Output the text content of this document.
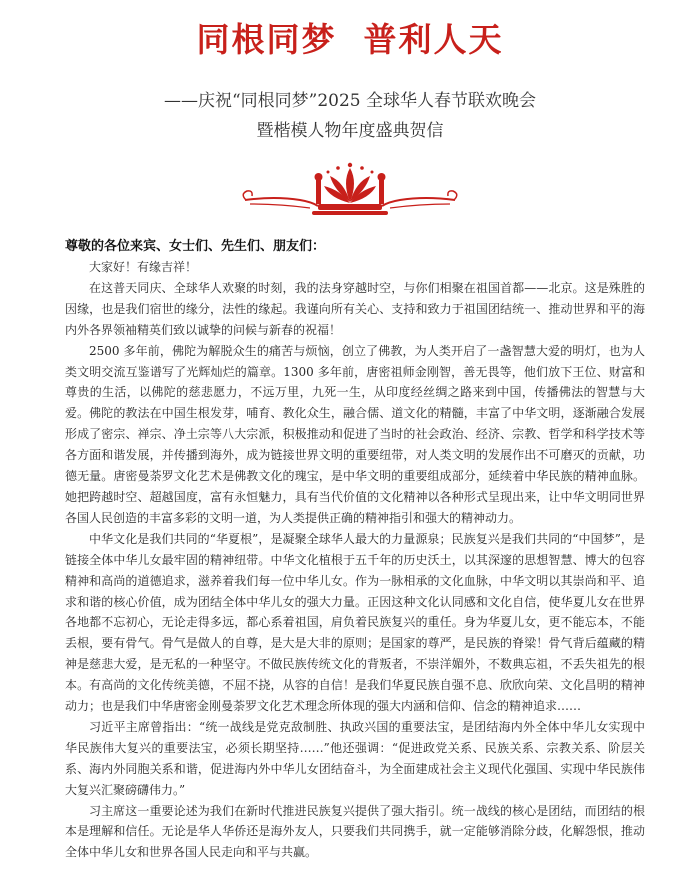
同根同梦  普利人天
——庆祝“同根同梦”2025 全球华人春节联欢晚会
暨楷模人物年度盛典贺信
尊敬的各位来宾、女士们、先生们、朋友们：

大家好！有缘吉祥！

在这普天同庆、全球华人欢聚的时刻，我的法身穿越时空，与你们相聚在祖国首都——北京。这是殊胜的因缘，也是我们宿世的缘分，法性的缘起。我谨向所有关心、支持和致力于祖国团结统一、推动世界和平的海内外各界领袖精英们致以诚挚的问候与新春的祝福！

2500 多年前，佛陀为解脱众生的痛苦与烦恼，创立了佛教，为人类开启了一盏智慧大爱的明灯，也为人类文明交流互鉴谱写了光辉灿烂的篇章。1300 多年前，唐密祖师金刚智，善无畏等，他们放下王位、财富和尊贵的生活，以佛陀的慈悲愿力，不远万里，九死一生，从印度经丝绸之路来到中国，传播佛法的智慧与大爱。佛陀的教法在中国生根发芽，哺育、教化众生，融合儒、道文化的精髓，丰富了中华文明，逐渐融合发展形成了密宗、禅宗、净土宗等八大宗派，积极推动和促进了当时的社会政治、经济、宗教、哲学和科学技术等各方面和谐发展，并传播到海外，成为链接世界文明的重要纽带，对人类文明的发展作出不可磨灭的贡献，功德无量。唐密曼荼罗文化艺术是佛教文化的瑰宝，是中华文明的重要组成部分，延续着中华民族的精神血脉。她把跨越时空、超越国度，富有永恒魅力，具有当代价值的文化精神以各种形式呈现出来，让中华文明同世界各国人民创造的丰富多彩的文明一道，为人类提供正确的精神指引和强大的精神动力。

中华文化是我们共同的“华夏根”，是凝聚全球华人最大的力量源泉；民族复兴是我们共同的“中国梦”，是链接全体中华儿女最牢固的精神纽带。中华文化植根于五千年的历史沃土，以其深邃的思想智慧、博大的包容精神和高尚的道德追求，滋养着我们每一位中华儿女。作为一脉相承的文化血脉，中华文明以其崇尚和平、追求和谐的核心价值，成为团结全体中华儿女的强大力量。正因这种文化认同感和文化自信，使华夏儿女在世界各地都不忘初心，无论走得多远，都心系着祖国，肩负着民族复兴的重任。身为华夏儿女，更不能忘本，不能丢根，要有骨气。骨气是做人的自尊，是大是大非的原则；是国家的尊严，是民族的脊梁！骨气背后蕴藏的精神是慈悲大爱，是无私的一种坚守。不做民族传统文化的背叛者，不崇洋媚外，不数典忘祖，不丢失祖先的根本。有高尚的文化传统美德，不屈不挠，从容的自信！是我们华夏民族自强不息、欣欣向荣、文化昌明的精神动力；也是我们中华唐密金刚曼荼罗文化艺术理念所体现的强大内涵和信仰、信念的精神追求……

习近平主席曾指出：“统一战线是党克敌制胜、执政兴国的重要法宝，是团结海内外全体中华儿女实现中华民族伟大复兴的重要法宝，必须长期坚持……”他还强调：“促进政党关系、民族关系、宗教关系、阶层关系、海内外同胞关系和谐，促进海内外中华儿女团结奋斗，为全面建成社会主义现代化强国、实现中华民族伟大复兴汇聚磅礴伟力。”

习主席这一重要论述为我们在新时代推进民族复兴提供了强大指引。统一战线的核心是团结，而团结的根本是理解和信任。无论是华人华侨还是海外友人，只要我们共同携手，就一定能够消除分歧，化解怨恨，推动全体中华儿女和世界各国人民走向和平与共赢。
